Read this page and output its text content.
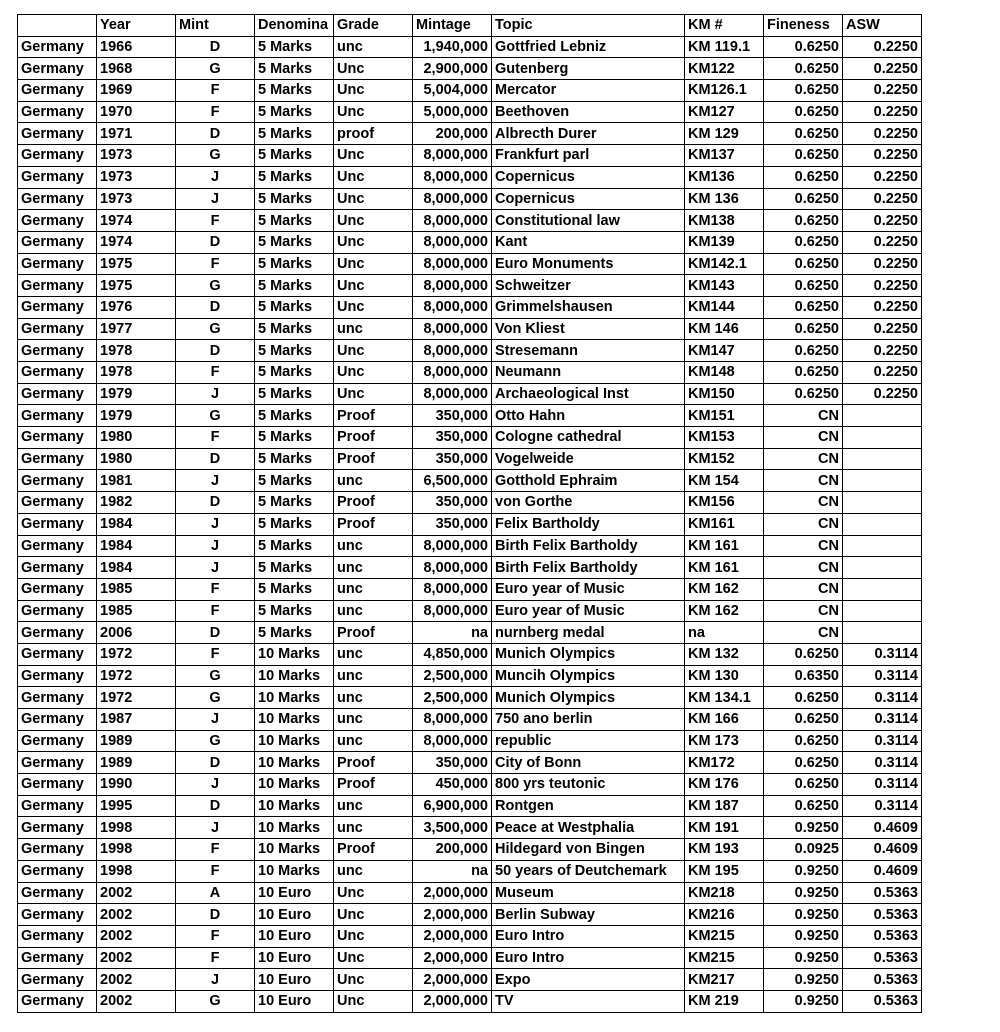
	Year	Mint	Denomina	Grade	Mintage	Topic	KM #	Fineness	ASW
Germany	1966	D	5 Marks	unc	1,940,000	Gottfried Lebniz	KM 119.1	0.6250	0.2250
Germany	1968	G	5 Marks	Unc	2,900,000	Gutenberg	KM122	0.6250	0.2250
Germany	1969	F	5 Marks	Unc	5,004,000	Mercator	KM126.1	0.6250	0.2250
Germany	1970	F	5 Marks	Unc	5,000,000	Beethoven	KM127	0.6250	0.2250
Germany	1971	D	5 Marks	proof	200,000	Albrecth Durer	KM 129	0.6250	0.2250
Germany	1973	G	5 Marks	Unc	8,000,000	Frankfurt parl	KM137	0.6250	0.2250
Germany	1973	J	5 Marks	Unc	8,000,000	Copernicus	KM136	0.6250	0.2250
Germany	1973	J	5 Marks	Unc	8,000,000	Copernicus	KM 136	0.6250	0.2250
Germany	1974	F	5 Marks	Unc	8,000,000	Constitutional law	KM138	0.6250	0.2250
Germany	1974	D	5 Marks	Unc	8,000,000	Kant	KM139	0.6250	0.2250
Germany	1975	F	5 Marks	Unc	8,000,000	Euro Monuments	KM142.1	0.6250	0.2250
Germany	1975	G	5 Marks	Unc	8,000,000	Schweitzer	KM143	0.6250	0.2250
Germany	1976	D	5 Marks	Unc	8,000,000	Grimmelshausen	KM144	0.6250	0.2250
Germany	1977	G	5 Marks	unc	8,000,000	Von Kliest	KM 146	0.6250	0.2250
Germany	1978	D	5 Marks	Unc	8,000,000	Stresemann	KM147	0.6250	0.2250
Germany	1978	F	5 Marks	Unc	8,000,000	Neumann	KM148	0.6250	0.2250
Germany	1979	J	5 Marks	Unc	8,000,000	Archaeological Inst	KM150	0.6250	0.2250
Germany	1979	G	5 Marks	Proof	350,000	Otto Hahn	KM151	CN	
Germany	1980	F	5 Marks	Proof	350,000	Cologne cathedral	KM153	CN	
Germany	1980	D	5 Marks	Proof	350,000	Vogelweide	KM152	CN	
Germany	1981	J	5 Marks	unc	6,500,000	Gotthold Ephraim	KM 154	CN	
Germany	1982	D	5 Marks	Proof	350,000	von Gorthe	KM156	CN	
Germany	1984	J	5 Marks	Proof	350,000	Felix Bartholdy	KM161	CN	
Germany	1984	J	5 Marks	unc	8,000,000	Birth Felix Bartholdy	KM 161	CN	
Germany	1984	J	5 Marks	unc	8,000,000	Birth Felix Bartholdy	KM 161	CN	
Germany	1985	F	5 Marks	unc	8,000,000	Euro year of Music	KM 162	CN	
Germany	1985	F	5 Marks	unc	8,000,000	Euro year of Music	KM 162	CN	
Germany	2006	D	5 Marks	Proof	na	nurnberg medal	na	CN	
Germany	1972	F	10 Marks	unc	4,850,000	Munich Olympics	KM 132	0.6250	0.3114
Germany	1972	G	10 Marks	unc	2,500,000	Muncih Olympics	KM 130	0.6350	0.3114
Germany	1972	G	10 Marks	unc	2,500,000	Munich Olympics	KM 134.1	0.6250	0.3114
Germany	1987	J	10 Marks	unc	8,000,000	750 ano berlin	KM 166	0.6250	0.3114
Germany	1989	G	10 Marks	unc	8,000,000	republic	KM 173	0.6250	0.3114
Germany	1989	D	10 Marks	Proof	350,000	City of Bonn	KM172	0.6250	0.3114
Germany	1990	J	10 Marks	Proof	450,000	800 yrs teutonic	KM 176	0.6250	0.3114
Germany	1995	D	10 Marks	unc	6,900,000	Rontgen	KM 187	0.6250	0.3114
Germany	1998	J	10 Marks	unc	3,500,000	Peace at Westphalia	KM 191	0.9250	0.4609
Germany	1998	F	10 Marks	Proof	200,000	Hildegard von Bingen	KM 193	0.0925	0.4609
Germany	1998	F	10 Marks	unc	na	50 years of Deutchemark	KM 195	0.9250	0.4609
Germany	2002	A	10 Euro	Unc	2,000,000	Museum	KM218	0.9250	0.5363
Germany	2002	D	10 Euro	Unc	2,000,000	Berlin Subway	KM216	0.9250	0.5363
Germany	2002	F	10 Euro	Unc	2,000,000	Euro Intro	KM215	0.9250	0.5363
Germany	2002	F	10 Euro	Unc	2,000,000	Euro Intro	KM215	0.9250	0.5363
Germany	2002	J	10 Euro	Unc	2,000,000	Expo	KM217	0.9250	0.5363
Germany	2002	G	10 Euro	Unc	2,000,000	TV	KM 219	0.9250	0.5363
